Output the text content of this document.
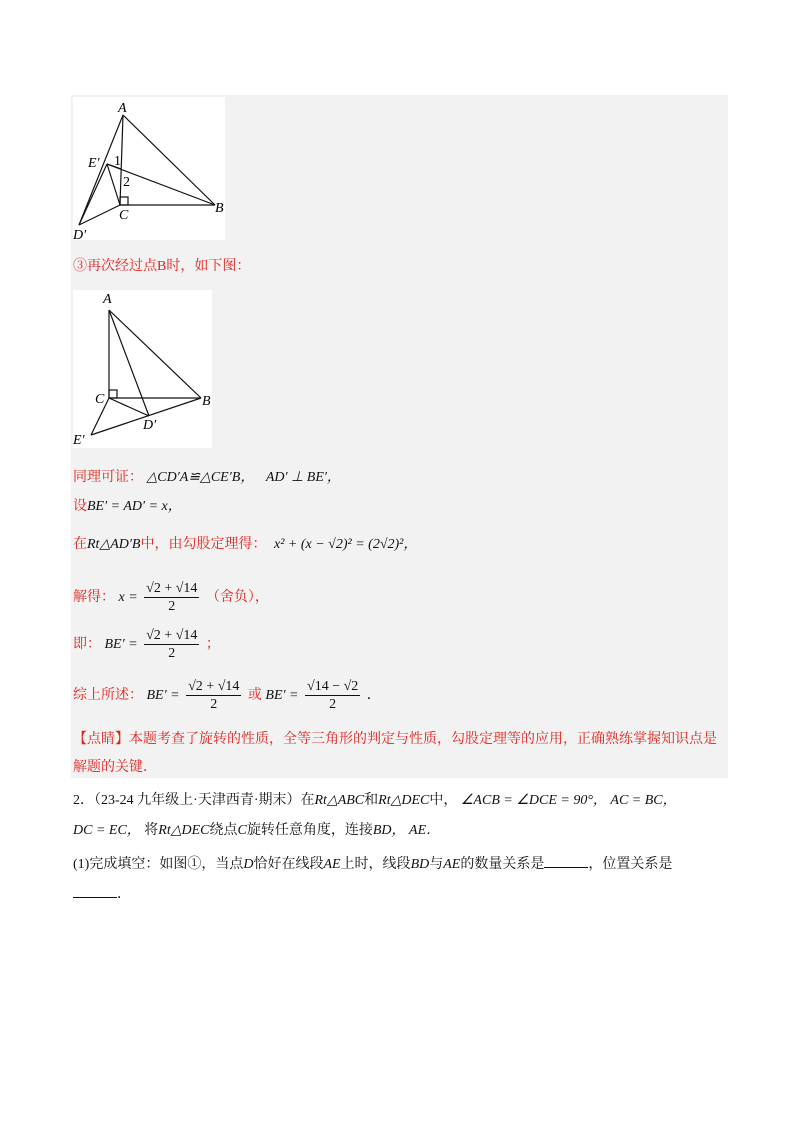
A
E′ 1
2
C	B
D′
③再次经过点B时，如下图：
A
C	B
D′
E′
同理可证： △CD′A≌△CE′B， AD′ ⊥ BE′，
设BE′ = AD′ = x，
在Rt△AD′B中，由勾股定理得： x² + (x − √2)² = (2√2)²，
解得： $x = \frac{√2 + √14}{2}$ （舍负），
即： $BE' = \frac{√2 + √14}{2}$ ；
综上所述： $BE' = \frac{√2 + √14}{2}$ 或 $BE' = \frac{√14 - √2}{2}$ ．
【点睛】本题考查了旋转的性质，全等三角形的判定与性质，勾股定理等的应用，正确熟练掌握知识点是
解题的关键．
2．（23-24 九年级上·天津西青·期末）在Rt△ABC和Rt△DEC中， ∠ACB = ∠DCE = 90°， AC = BC，
DC = EC， 将Rt△DEC绕点C旋转任意角度，连接BD， AE．
(1)完成填空：如图①，当点D恰好在线段AE上时，线段BD与AE的数量关系是	，位置关系是
．
